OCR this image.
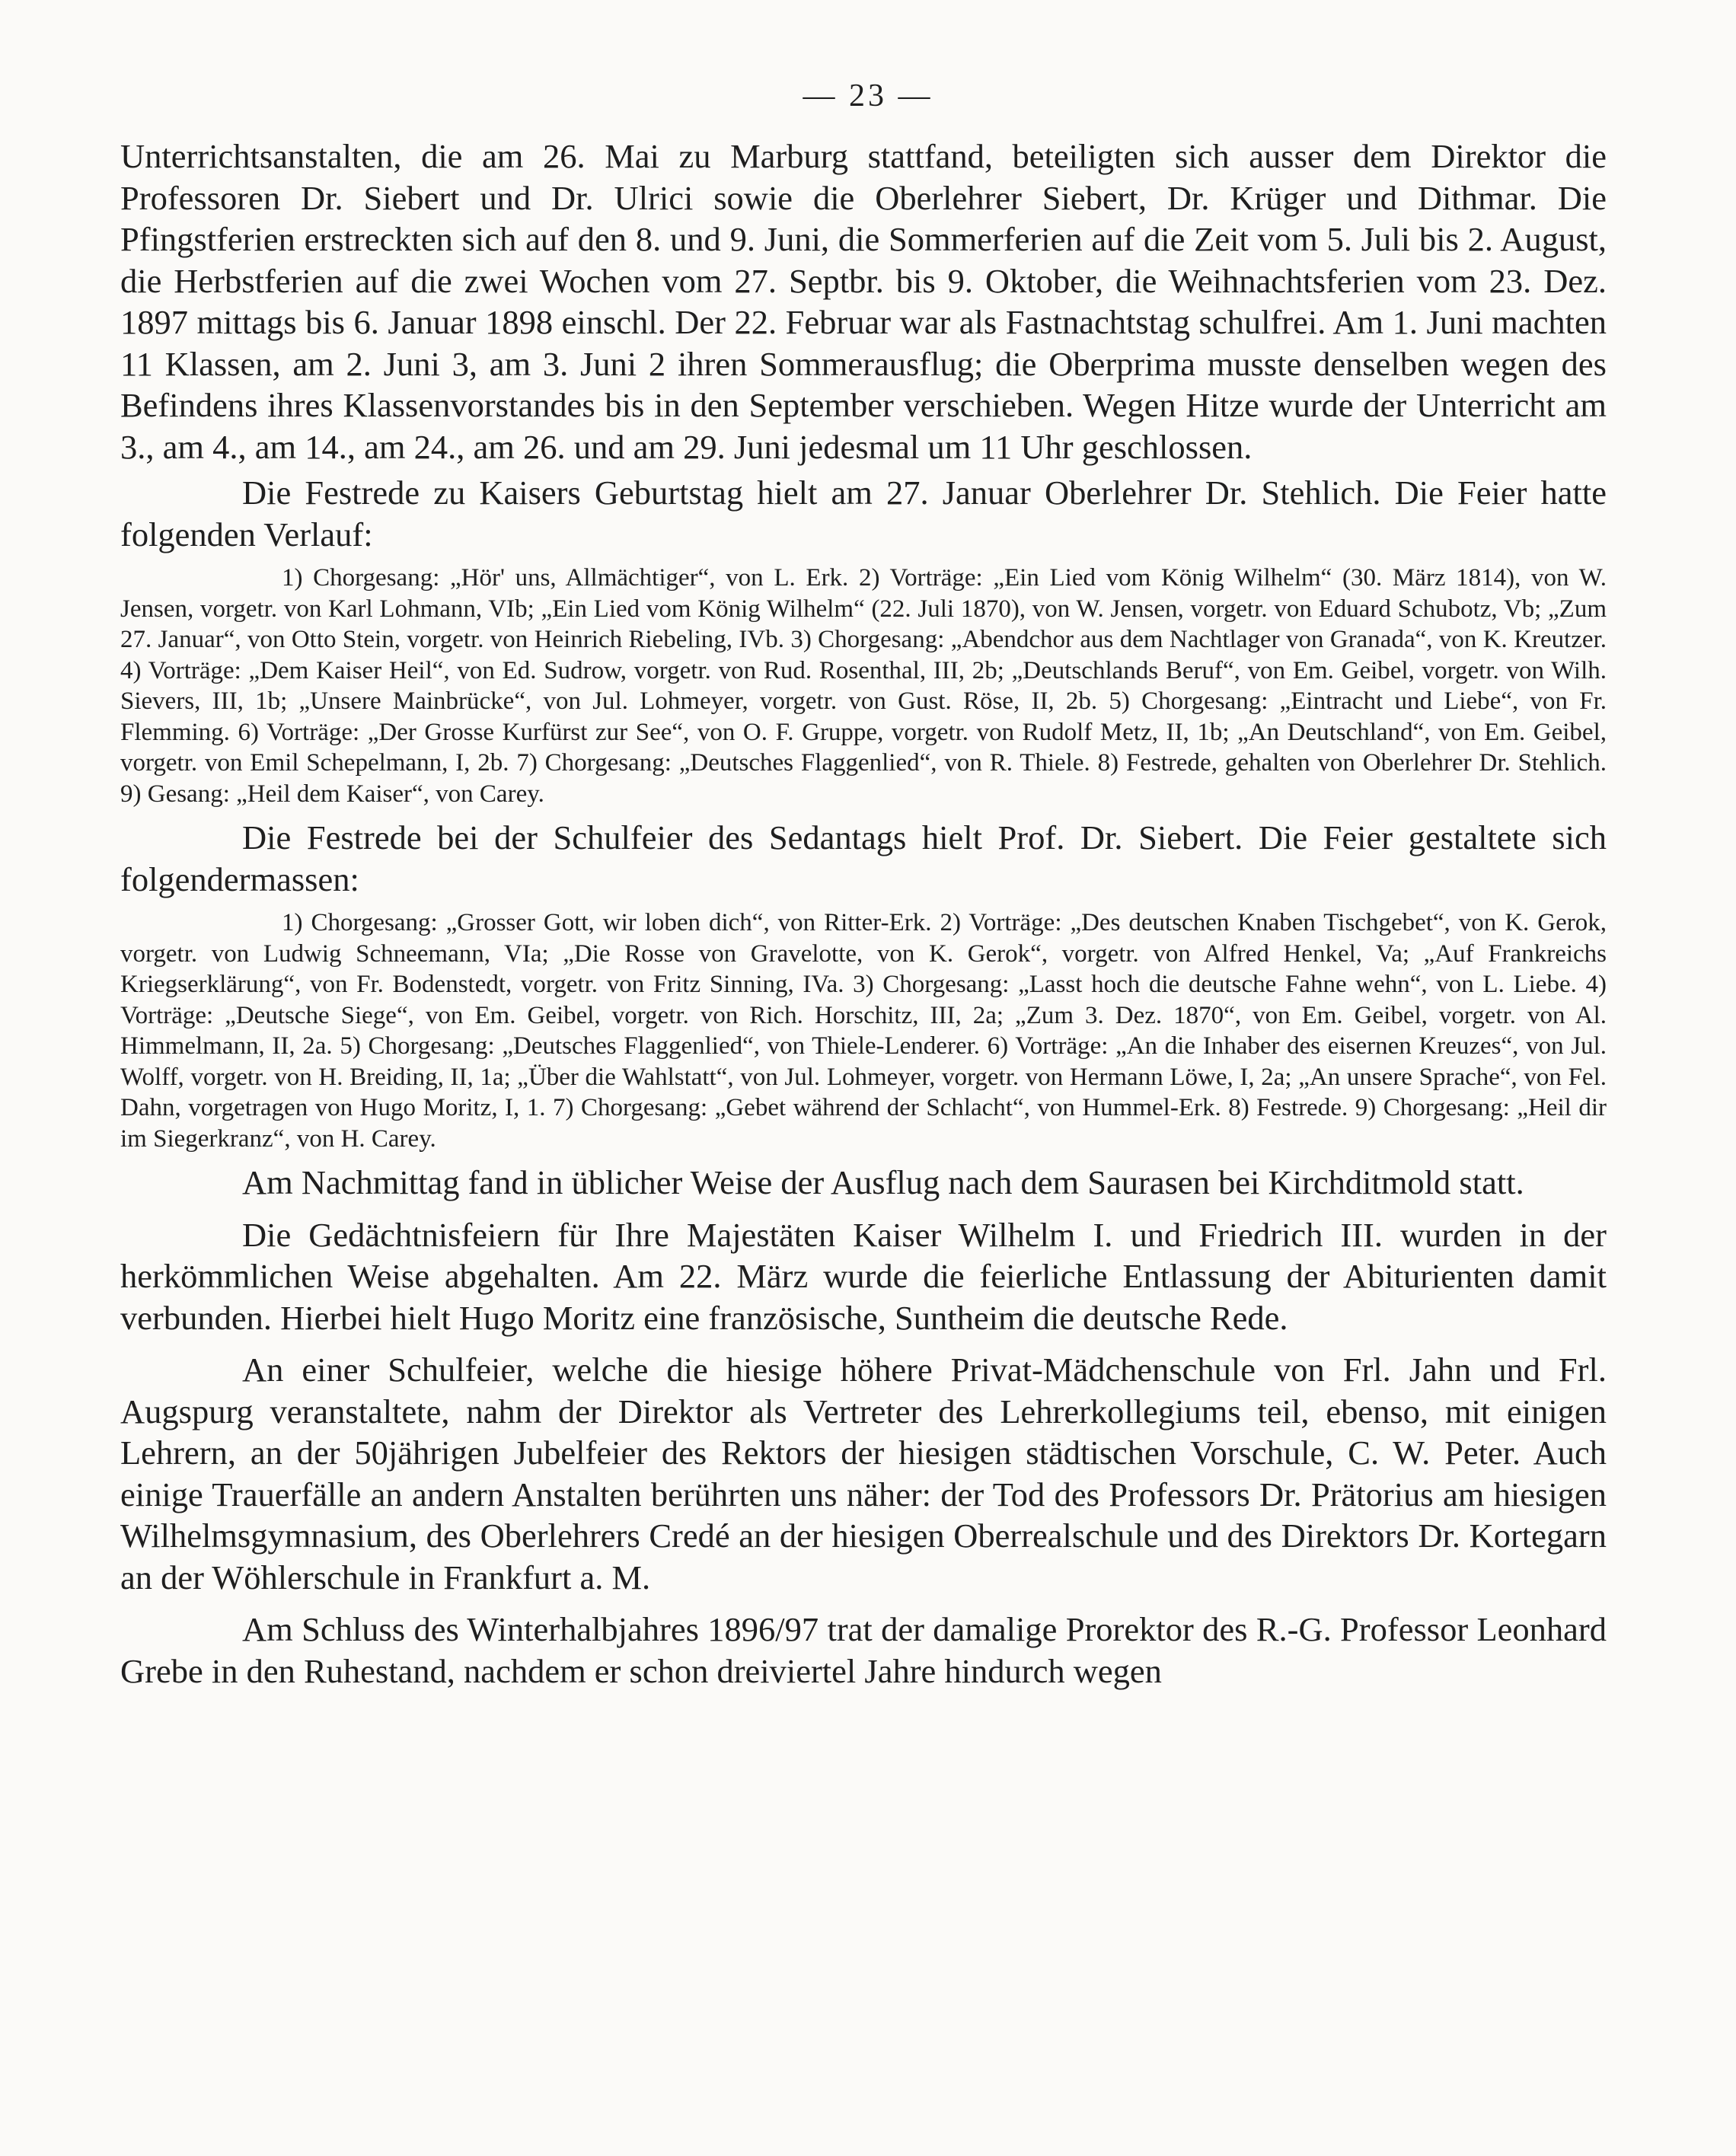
— 23 —

Unterrichtsanstalten, die am 26. Mai zu Marburg stattfand, beteiligten sich ausser dem Direktor die Professoren Dr. Siebert und Dr. Ulrici sowie die Oberlehrer Siebert, Dr. Krüger und Dithmar. Die Pfingstferien erstreckten sich auf den 8. und 9. Juni, die Sommerferien auf die Zeit vom 5. Juli bis 2. August, die Herbstferien auf die zwei Wochen vom 27. Septbr. bis 9. Oktober, die Weihnachtsferien vom 23. Dez. 1897 mittags bis 6. Januar 1898 einschl. Der 22. Februar war als Fastnachtstag schulfrei. Am 1. Juni machten 11 Klassen, am 2. Juni 3, am 3. Juni 2 ihren Sommerausflug; die Oberprima musste denselben wegen des Befindens ihres Klassenvorstandes bis in den September verschieben. Wegen Hitze wurde der Unterricht am 3., am 4., am 14., am 24., am 26. und am 29. Juni jedesmal um 11 Uhr geschlossen.

Die Festrede zu Kaisers Geburtstag hielt am 27. Januar Oberlehrer Dr. Stehlich. Die Feier hatte folgenden Verlauf:

1) Chorgesang: „Hör' uns, Allmächtiger“, von L. Erk. 2) Vorträge: „Ein Lied vom König Wilhelm“ (30. März 1814), von W. Jensen, vorgetr. von Karl Lohmann, VIb; „Ein Lied vom König Wilhelm“ (22. Juli 1870), von W. Jensen, vorgetr. von Eduard Schubotz, Vb; „Zum 27. Januar“, von Otto Stein, vorgetr. von Heinrich Riebeling, IVb. 3) Chorgesang: „Abendchor aus dem Nachtlager von Granada“, von K. Kreutzer. 4) Vorträge: „Dem Kaiser Heil“, von Ed. Sudrow, vorgetr. von Rud. Rosenthal, III, 2b; „Deutschlands Beruf“, von Em. Geibel, vorgetr. von Wilh. Sievers, III, 1b; „Unsere Mainbrücke“, von Jul. Lohmeyer, vorgetr. von Gust. Röse, II, 2b. 5) Chorgesang: „Eintracht und Liebe“, von Fr. Flemming. 6) Vorträge: „Der Grosse Kurfürst zur See“, von O. F. Gruppe, vorgetr. von Rudolf Metz, II, 1b; „An Deutschland“, von Em. Geibel, vorgetr. von Emil Schepelmann, I, 2b. 7) Chorgesang: „Deutsches Flaggenlied“, von R. Thiele. 8) Festrede, gehalten von Oberlehrer Dr. Stehlich. 9) Gesang: „Heil dem Kaiser“, von Carey.

Die Festrede bei der Schulfeier des Sedantags hielt Prof. Dr. Siebert. Die Feier gestaltete sich folgendermassen:

1) Chorgesang: „Grosser Gott, wir loben dich“, von Ritter-Erk. 2) Vorträge: „Des deutschen Knaben Tischgebet“, von K. Gerok, vorgetr. von Ludwig Schneemann, VIa; „Die Rosse von Gravelotte, von K. Gerok“, vorgetr. von Alfred Henkel, Va; „Auf Frankreichs Kriegserklärung“, von Fr. Bodenstedt, vorgetr. von Fritz Sinning, IVa. 3) Chorgesang: „Lasst hoch die deutsche Fahne wehn“, von L. Liebe. 4) Vorträge: „Deutsche Siege“, von Em. Geibel, vorgetr. von Rich. Horschitz, III, 2a; „Zum 3. Dez. 1870“, von Em. Geibel, vorgetr. von Al. Himmelmann, II, 2a. 5) Chorgesang: „Deutsches Flaggenlied“, von Thiele-Lenderer. 6) Vorträge: „An die Inhaber des eisernen Kreuzes“, von Jul. Wolff, vorgetr. von H. Breiding, II, 1a; „Über die Wahlstatt“, von Jul. Lohmeyer, vorgetr. von Hermann Löwe, I, 2a; „An unsere Sprache“, von Fel. Dahn, vorgetragen von Hugo Moritz, I, 1. 7) Chorgesang: „Gebet während der Schlacht“, von Hummel-Erk. 8) Festrede. 9) Chorgesang: „Heil dir im Siegerkranz“, von H. Carey.

Am Nachmittag fand in üblicher Weise der Ausflug nach dem Saurasen bei Kirchditmold statt.

Die Gedächtnisfeiern für Ihre Majestäten Kaiser Wilhelm I. und Friedrich III. wurden in der herkömmlichen Weise abgehalten. Am 22. März wurde die feierliche Entlassung der Abiturienten damit verbunden. Hierbei hielt Hugo Moritz eine französische, Suntheim die deutsche Rede.

An einer Schulfeier, welche die hiesige höhere Privat-Mädchenschule von Frl. Jahn und Frl. Augspurg veranstaltete, nahm der Direktor als Vertreter des Lehrerkollegiums teil, ebenso, mit einigen Lehrern, an der 50jährigen Jubelfeier des Rektors der hiesigen städtischen Vorschule, C. W. Peter. Auch einige Trauerfälle an andern Anstalten berührten uns näher: der Tod des Professors Dr. Prätorius am hiesigen Wilhelmsgymnasium, des Oberlehrers Credé an der hiesigen Oberrealschule und des Direktors Dr. Kortegarn an der Wöhlerschule in Frankfurt a. M.

Am Schluss des Winterhalbjahres 1896/97 trat der damalige Prorektor des R.-G. Professor Leonhard Grebe in den Ruhestand, nachdem er schon dreiviertel Jahre hindurch wegen
